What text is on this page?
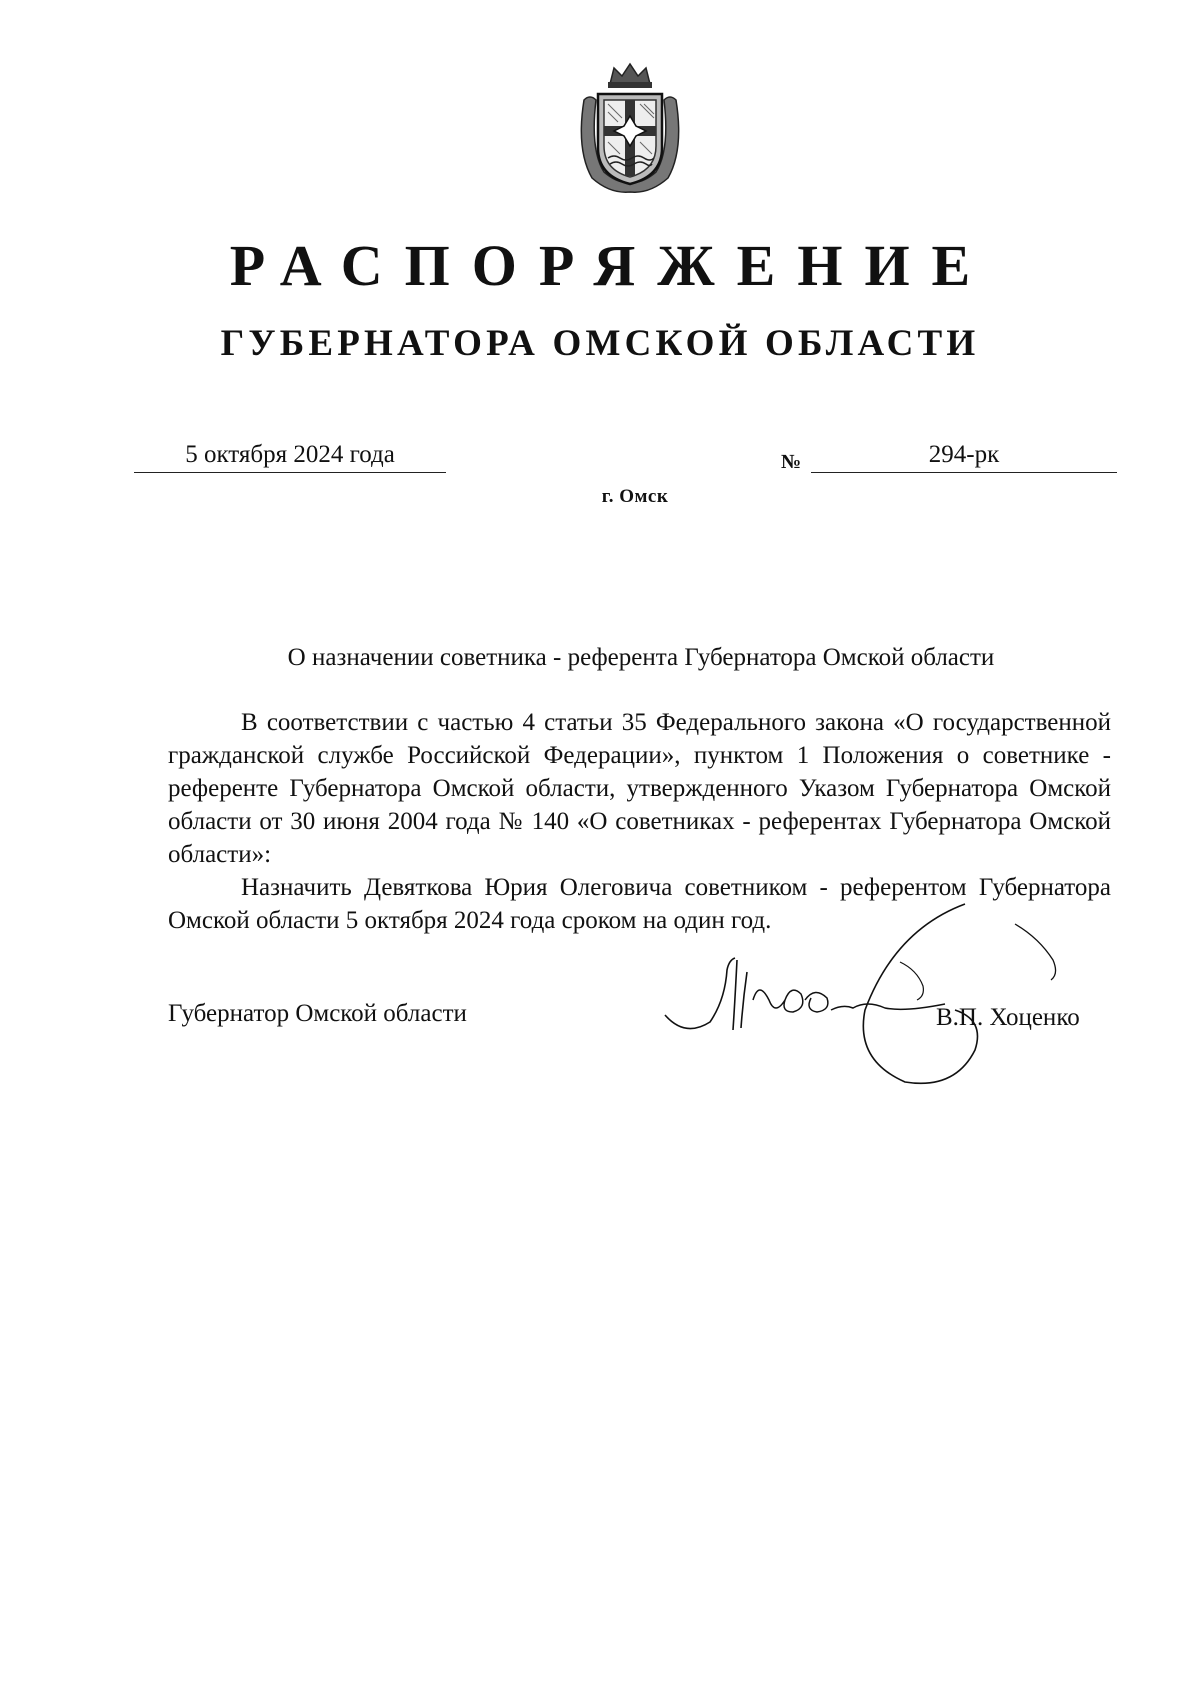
РАСПОРЯЖЕНИЕ
ГУБЕРНАТОРА ОМСКОЙ ОБЛАСТИ
5 октября 2024 года	№	294-рк
г. Омск
О назначении советника - референта Губернатора Омской области

В соответствии с частью 4 статьи 35 Федерального закона «О государственной гражданской службе Российской Федерации», пунктом 1 Положения о советнике - референте Губернатора Омской области, утвержденного Указом Губернатора Омской области от 30 июня 2004 года № 140 «О советниках - референтах Губернатора Омской области»:

Назначить Девяткова Юрия Олеговича советником - референтом Губернатора Омской области 5 октября 2024 года сроком на один год.

Губернатор Омской области	В.П. Хоценко
